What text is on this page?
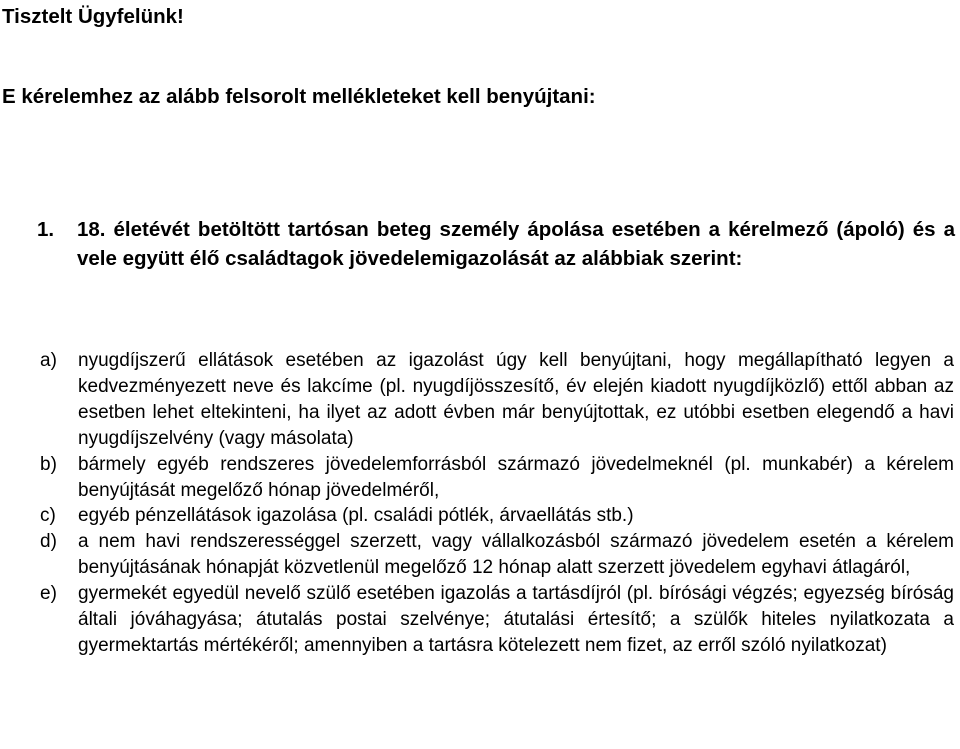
Tisztelt Ügyfelünk!
E kérelemhez az alább felsorolt mellékleteket kell benyújtani:
1. 18. életévét betöltött tartósan beteg személy ápolása esetében a kérelmező (ápoló) és a vele együtt élő családtagok jövedelemigazolását az alábbiak szerint:
a) nyugdíjszerű ellátások esetében az igazolást úgy kell benyújtani, hogy megállapítható legyen a kedvezményezett neve és lakcíme (pl. nyugdíjösszesítő, év elején kiadott nyugdíjközlő) ettől abban az esetben lehet eltekinteni, ha ilyet az adott évben már benyújtottak, ez utóbbi esetben elegendő a havi nyugdíjszelvény (vagy másolata)
b) bármely egyéb rendszeres jövedelemforrásból származó jövedelmeknél (pl. munkabér) a kérelem benyújtását megelőző hónap jövedelméről,
c) egyéb pénzellátások igazolása (pl. családi pótlék, árvaellátás stb.)
d) a nem havi rendszerességgel szerzett, vagy vállalkozásból származó jövedelem esetén a kérelem benyújtásának hónapját közvetlenül megelőző 12 hónap alatt szerzett jövedelem egyhavi átlagáról,
e) gyermekét egyedül nevelő szülő esetében igazolás a tartásdíjról (pl. bírósági végzés; egyezség bíróság általi jóváhagyása; átutalás postai szelvénye; átutalási értesítő; a szülők hiteles nyilatkozata a gyermektartás mértékéről; amennyiben a tartásra kötelezett nem fizet, az erről szóló nyilatkozat)
